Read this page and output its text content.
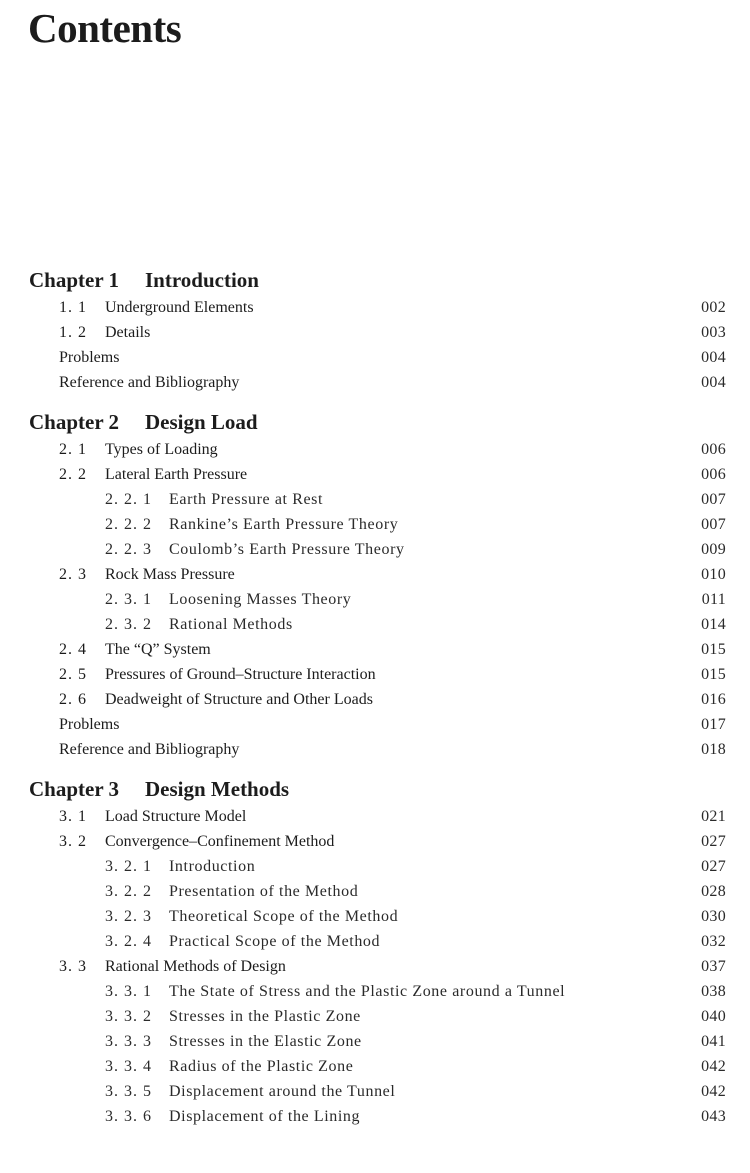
Contents
Chapter 1 Introduction
1. 1 Underground Elements	002
1. 2 Details	003
Problems	004
Reference and Bibliography	004
Chapter 2 Design Load
2. 1 Types of Loading	006
2. 2 Lateral Earth Pressure	006
2. 2. 1 Earth Pressure at Rest	007
2. 2. 2 Rankine’s Earth Pressure Theory	007
2. 2. 3 Coulomb’s Earth Pressure Theory	009
2. 3 Rock Mass Pressure	010
2. 3. 1 Loosening Masses Theory	011
2. 3. 2 Rational Methods	014
2. 4 The “Q” System	015
2. 5 Pressures of Ground–Structure Interaction	015
2. 6 Deadweight of Structure and Other Loads	016
Problems	017
Reference and Bibliography	018
Chapter 3 Design Methods
3. 1 Load Structure Model	021
3. 2 Convergence–Confinement Method	027
3. 2. 1 Introduction	027
3. 2. 2 Presentation of the Method	028
3. 2. 3 Theoretical Scope of the Method	030
3. 2. 4 Practical Scope of the Method	032
3. 3 Rational Methods of Design	037
3. 3. 1 The State of Stress and the Plastic Zone around a Tunnel	038
3. 3. 2 Stresses in the Plastic Zone	040
3. 3. 3 Stresses in the Elastic Zone	041
3. 3. 4 Radius of the Plastic Zone	042
3. 3. 5 Displacement around the Tunnel	042
3. 3. 6 Displacement of the Lining	043
